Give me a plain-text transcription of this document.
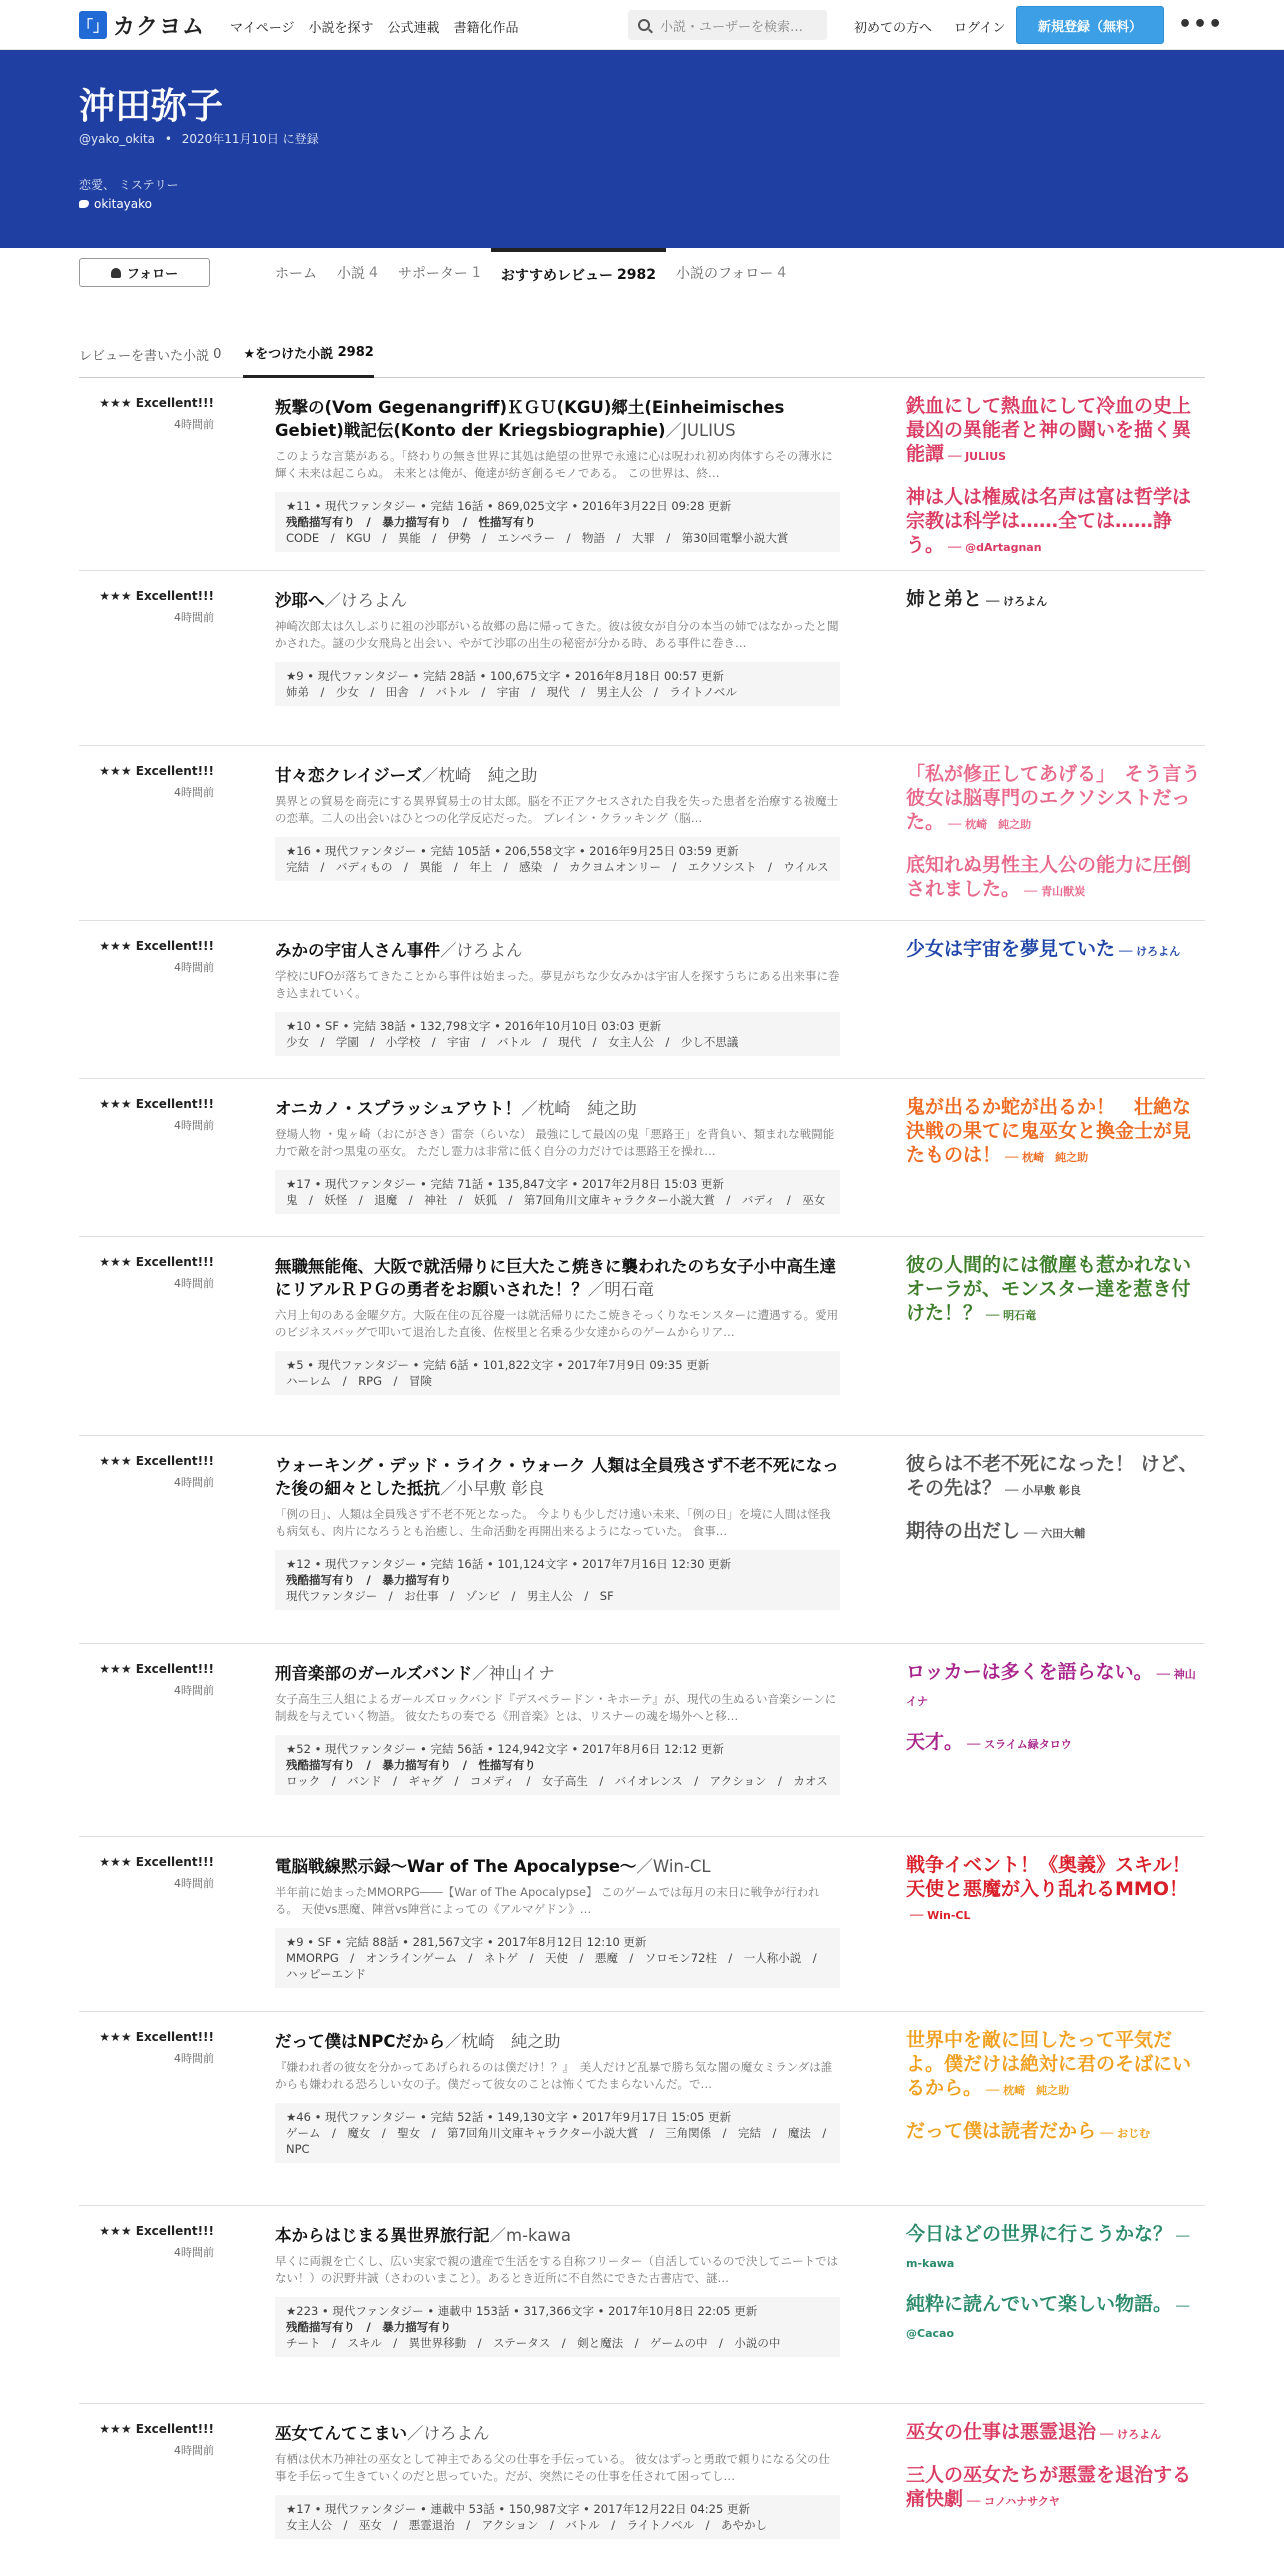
「」 カクヨム マイページ 小説を探す 公式連載 書籍化作品	小説・ユーザーを検索…	初めての方へ ログイン	新規登録（無料）	•••
沖田弥子
@yako_okita • 2020年11月10日 に登録
恋愛、 ミステリー
okitayako
フォロー	ホーム 小説 4 サポーター 1 おすすめレビュー 2982 小説のフォロー 4
レビューを書いた小説
0 ★をつけた小説
2982
★★★ Excellent!!!
4時間前
叛撃の(Vom Gegenangriff)ＫＧＵ(KGU)郷土(Einheimisches Gebiet)戦記伝(Konto der Kriegsbiographie)／JULIUS
このような言葉がある。「終わりの無き世界に其処は絶望の世界で永遠に心は呪われ初め肉体すらその薄氷に輝く未来は起こらぬ。 未来とは俺が、俺達が紡ぎ創るモノである。 この世界は、終…
★11 • 現代ファンタジー • 完結 16話 • 869,025文字 • 2016年3月22日 09:28 更新
残酷描写有り　/　暴力描写有り　/　性描写有り
CODE　/　KGU　/　異能　/　伊勢　/　エンペラー　/　物語　/　大罪　/　第30回電撃小説大賞
鉄血にして熱血にして冷血の史上最凶の異能者と神の闘いを描く異能譚 ── JULIUS
神は人は権威は名声は富は哲学は宗教は科学は……全ては……諍う。 ── @dArtagnan
★★★ Excellent!!!
4時間前
沙耶へ／けろよん
神崎次郎太は久しぶりに祖の沙耶がいる故郷の島に帰ってきた。彼は彼女が自分の本当の姉ではなかったと聞かされた。謎の少女飛鳥と出会い、やがて沙耶の出生の秘密が分かる時、ある事件に巻き…
★9 • 現代ファンタジー • 完結 28話 • 100,675文字 • 2016年8月18日 00:57 更新
姉弟　/　少女　/　田舎　/　バトル　/　宇宙　/　現代　/　男主人公　/　ライトノベル
姉と弟と ── けろよん
★★★ Excellent!!!
4時間前
甘々恋クレイジーズ／枕崎　純之助
異界との貿易を商売にする異界貿易士の甘太郎。脳を不正アクセスされた自我を失った患者を治療する祓魔士の恋華。二人の出会いはひとつの化学反応だった。 ブレイン・クラッキング（脳…
★16 • 現代ファンタジー • 完結 105話 • 206,558文字 • 2016年9月25日 03:59 更新
完結　/　バディもの　/　異能　/　年上　/　感染　/　カクヨムオンリー　/　エクソシスト　/　ウイルス
「私が修正してあげる」　そう言う彼女は脳専門のエクソシストだった。 ── 枕崎　純之助
底知れぬ男性主人公の能力に圧倒されました。 ── 青山獣炭
★★★ Excellent!!!
4時間前
みかの宇宙人さん事件／けろよん
学校にUFOが落ちてきたことから事件は始まった。夢見がちな少女みかは宇宙人を探すうちにある出来事に巻き込まれていく。
★10 • SF • 完結 38話 • 132,798文字 • 2016年10月10日 03:03 更新
少女　/　学園　/　小学校　/　宇宙　/　バトル　/　現代　/　女主人公　/　少し不思議
少女は宇宙を夢見ていた ── けろよん
★★★ Excellent!!!
4時間前
オニカノ・スプラッシュアウト！／枕崎　純之助
登場人物 ・鬼ヶ崎（おにがさき）雷奈（らいな） 最強にして最凶の鬼「悪路王」を背負い、類まれな戦闘能力で敵を討つ黒鬼の巫女。 ただし霊力は非常に低く自分の力だけでは悪路王を操れ…
★17 • 現代ファンタジー • 完結 71話 • 135,847文字 • 2017年2月8日 15:03 更新
鬼　/　妖怪　/　退魔　/　神社　/　妖狐　/　第7回角川文庫キャラクター小説大賞　/　バディ　/　巫女
鬼が出るか蛇が出るか！　壮絶な決戦の果てに鬼巫女と換金士が見たものは！ ── 枕崎　純之助
★★★ Excellent!!!
4時間前
無職無能俺、大阪で就活帰りに巨大たこ焼きに襲われたのち女子小中高生達にリアルＲＰＧの勇者をお願いされた！？／明石竜
六月上旬のある金曜夕方。大阪在住の瓦谷慶一は就活帰りにたこ焼きそっくりなモンスターに遭遇する。愛用のビジネスバッグで叩いて退治した直後、佐桜里と名乗る少女達からのゲームからリア…
★5 • 現代ファンタジー • 完結 6話 • 101,822文字 • 2017年7月9日 09:35 更新
ハーレム　/　RPG　/　冒険
彼の人間的には徹塵も惹かれないオーラが、モンスター達を惹き付けた！？ ── 明石竜
★★★ Excellent!!!
4時間前
ウォーキング・デッド・ライク・ウォーク 人類は全員残さず不老不死になった後の細々とした抵抗／小早敷 彰良
「例の日」、人類は全員残さず不老不死となった。 今よりも少しだけ遠い未来、「例の日」を境に人間は怪我も病気も、肉片になろうとも治癒し、生命活動を再開出来るようになっていた。 食事…
★12 • 現代ファンタジー • 完結 16話 • 101,124文字 • 2017年7月16日 12:30 更新
残酷描写有り　/　暴力描写有り
現代ファンタジー　/　お仕事　/　ゾンビ　/　男主人公　/　SF
彼らは不老不死になった！ けど、その先は？ ── 小早敷 彰良
期待の出だし ── 六田大輔
★★★ Excellent!!!
4時間前
刑音楽部のガールズバンド／神山イナ
女子高生三人組によるガールズロックバンド『デスペラードン・キホーテ』が、現代の生ぬるい音楽シーンに制裁を与えていく物語。 彼女たちの奏でる《刑音楽》とは、リスナーの魂を場外へと移…
★52 • 現代ファンタジー • 完結 56話 • 124,942文字 • 2017年8月6日 12:12 更新
残酷描写有り　/　暴力描写有り　/　性描写有り
ロック　/　バンド　/　ギャグ　/　コメディ　/　女子高生　/　バイオレンス　/　アクション　/　カオス
ロッカーは多くを語らない。 ── 神山イナ
天才。 ── スライム緑タロウ
★★★ Excellent!!!
4時間前
電脳戦線黙示録～War of The Apocalypse～／Win-CL
半年前に始まったMMORPG――【War of The Apocalypse】 このゲームでは毎月の末日に戦争が行われる。 天使vs悪魔、陣営vs陣営によっての《アルマゲドン》…
★9 • SF • 完結 88話 • 281,567文字 • 2017年8月12日 12:10 更新
MMORPG　/　オンラインゲーム　/　ネトゲ　/　天使　/　悪魔　/　ソロモン72柱　/　一人称小説　/　ハッピーエンド
戦争イベント！《奥義》スキル！天使と悪魔が入り乱れるMMO！── Win-CL
★★★ Excellent!!!
4時間前
だって僕はNPCだから／枕崎　純之助
『嫌われ者の彼女を分かってあげられるのは僕だけ！？』　美人だけど乱暴で勝ち気な闇の魔女ミランダは誰からも嫌われる恐ろしい女の子。僕だって彼女のことは怖くてたまらないんだ。で…
★46 • 現代ファンタジー • 完結 52話 • 149,130文字 • 2017年9月17日 15:05 更新
ゲーム　/　魔女　/　聖女　/　第7回角川文庫キャラクター小説大賞　/　三角関係　/　完結　/　魔法　/　NPC
世界中を敵に回したって平気だよ。僕だけは絶対に君のそばにいるから。 ── 枕崎　純之助
だって僕は読者だから ── おじむ
★★★ Excellent!!!
4時間前
本からはじまる異世界旅行記／m-kawa
早くに両親を亡くし、広い実家で親の遺産で生活をする自称フリーター（自活しているので決してニートではない！）の沢野井誠（さわのいまこと）。あるとき近所に不自然にできた古書店で、謎…
★223 • 現代ファンタジー • 連載中 153話 • 317,366文字 • 2017年10月8日 22:05 更新
残酷描写有り　/　暴力描写有り
チート　/　スキル　/　異世界移動　/　ステータス　/　剣と魔法　/　ゲームの中　/　小説の中
今日はどの世界に行こうかな？ ── m-kawa
純粋に読んでいて楽しい物語。 ── @Cacao
★★★ Excellent!!!
4時間前
巫女てんてこまい／けろよん
有栖は伏木乃神社の巫女として神主である父の仕事を手伝っている。 彼女はずっと勇敢で頼りになる父の仕事を手伝って生きていくのだと思っていた。だが、突然にその仕事を任されて困ってし…
★17 • 現代ファンタジー • 連載中 53話 • 150,987文字 • 2017年12月22日 04:25 更新
女主人公　/　巫女　/　悪霊退治　/　アクション　/　バトル　/　ライトノベル　/　あやかし
巫女の仕事は悪霊退治 ── けろよん
三人の巫女たちが悪霊を退治する痛快劇 ── コノハナサクヤ
